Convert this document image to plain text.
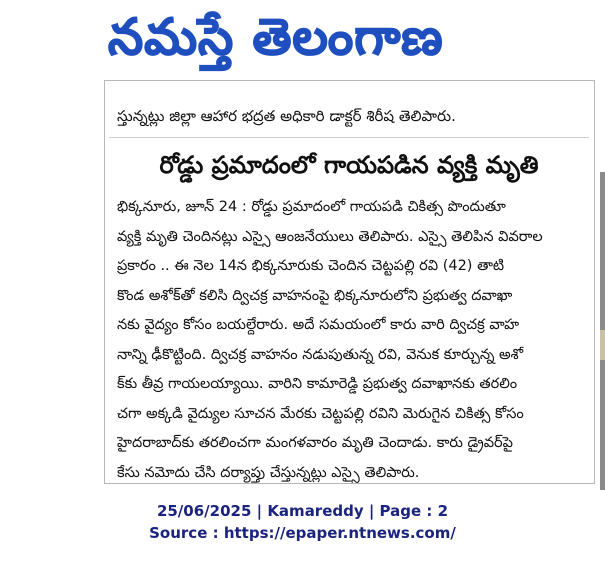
నమస్తే తెలంగాణ
స్తున్నట్లు జిల్లా ఆహార భద్రత అధికారి డాక్టర్ శిరీష తెలిపారు.
రోడ్డు ప్రమాదంలో గాయపడిన వ్యక్తి మృతి
భిక్కనూరు, జూన్ 24 : రోడ్డు ప్రమాదంలో గాయపడి చికిత్స పొందుతూ
వ్యక్తి మృతి చెందినట్లు ఎస్సై ఆంజనేయులు తెలిపారు. ఎస్సై తెలిపిన వివరాల
ప్రకారం .. ఈ నెల 14న భిక్కనూరుకు చెందిన చెట్టపల్లి రవి (42) తాటి
కొండ అశోక్‌తో కలిసి ద్విచక్ర వాహనంపై భిక్కనూరులోని ప్రభుత్వ దవాఖా
నకు వైద్యం కోసం బయల్దేరారు. అదే సమయంలో కారు వారి ద్విచక్ర వాహ
నాన్ని ఢీకొట్టింది. ద్విచక్ర వాహనం నడుపుతున్న రవి, వెనుక కూర్చున్న అశో
క్‌కు తీవ్ర గాయలయ్యాయి. వారిని కామారెడ్డి ప్రభుత్వ దవాఖానకు తరలిం
చగా అక్కడి వైద్యుల సూచన మేరకు చెట్టపల్లి రవిని మెరుగైన చికిత్స కోసం
హైదరాబాద్‌కు తరలించగా మంగళవారం మృతి చెందాడు. కారు డ్రైవర్‌పై
కేసు నమోదు చేసి దర్యాప్తు చేస్తున్నట్లు ఎస్సై తెలిపారు.
25/06/2025 | Kamareddy | Page : 2
Source : https://epaper.ntnews.com/
